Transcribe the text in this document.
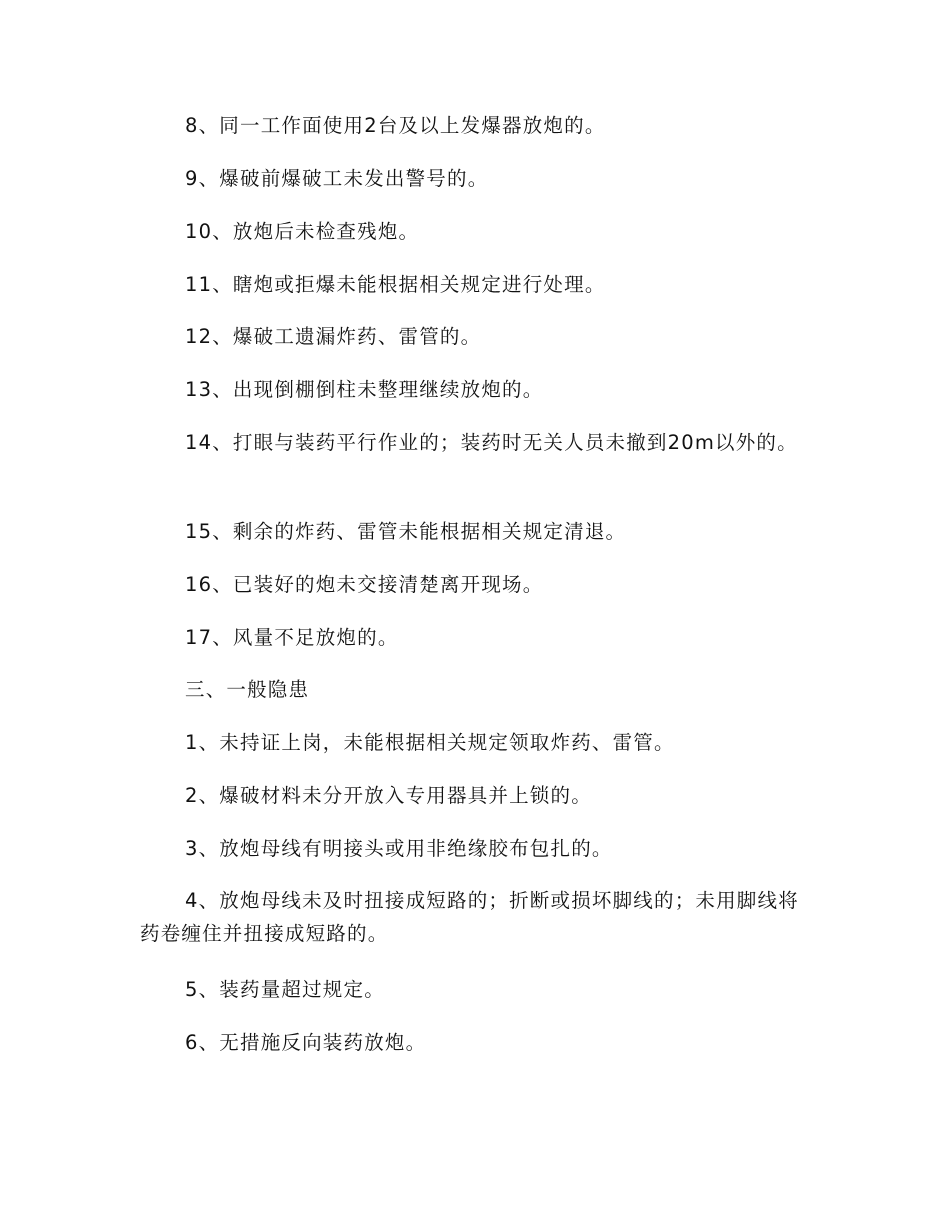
8、同一工作面使用2台及以上发爆器放炮的。

9、爆破前爆破工未发出警号的。

10、放炮后未检查残炮。

11、瞎炮或拒爆未能根据相关规定进行处理。

12、爆破工遗漏炸药、雷管的。

13、出现倒棚倒柱未整理继续放炮的。

14、打眼与装药平行作业的；装药时无关人员未撤到20m以外的。

15、剩余的炸药、雷管未能根据相关规定清退。

16、已装好的炮未交接清楚离开现场。

17、风量不足放炮的。

三、一般隐患

1、未持证上岗，未能根据相关规定领取炸药、雷管。

2、爆破材料未分开放入专用器具并上锁的。

3、放炮母线有明接头或用非绝缘胶布包扎的。

4、放炮母线未及时扭接成短路的；折断或损坏脚线的；未用脚线将药卷缠住并扭接成短路的。

5、装药量超过规定。

6、无措施反向装药放炮。
